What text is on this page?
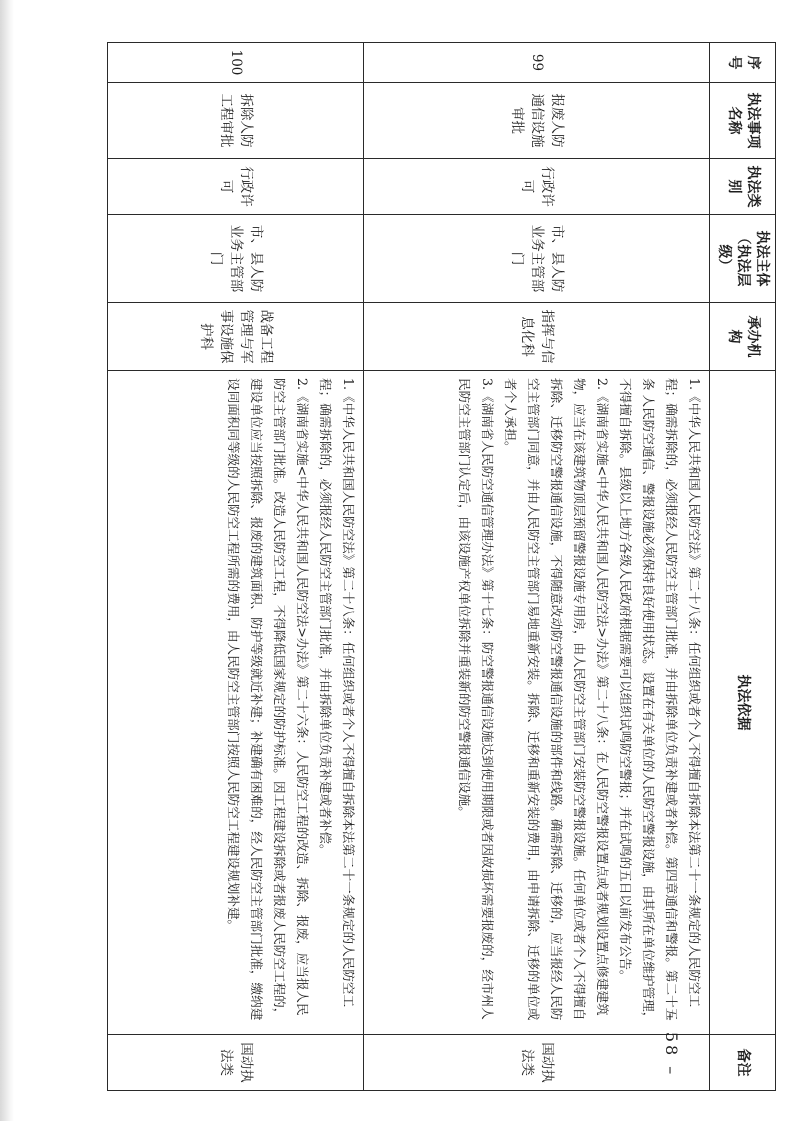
序号	执法事项名称	执法类别	执法主体（执法层级）	承办机构	执法依据	备注
99	报废人防通信设施审批	行政许可	市、县人防业务主管部门	指挥与信息化科	1.《中华人民共和国人民防空法》第二十八条：任何组织或者个人不得擅自拆除本法第二十一条规定的人民防空工程；确需拆除的，必须报经人民防空主管部门批准，并由拆除单位负责补建或者补偿。第四章通信和警报。第二十五条 人民防空通信、警报设施必须保持良好使用状态。设置在有关单位的人民防空警报设施，由其所在单位维护管理，不得擅自拆除。县级以上地方各级人民政府根据需要可以组织试鸣防空警报；并在试鸣的五日以前发布公告。

2.《湖南省实施<中华人民共和国人民防空法>办法》第二十八条：在人民防空警报设置点或者规划设置点修建建筑物，应当在该建筑物顶层预留警报设施专用房，由人民防空主管部门安装防空警报设施。任何单位或者个人不得擅自拆除、迁移防空警报通信设施，不得随意改动防空警报通信设施的部件和线路。确需拆除、迁移的，应当报经人民防空主管部门同意，并由人民防空主管部门易地重新安装。拆除、迁移和重新安装的费用，由申请拆除、迁移的单位或者个人承担。

3.《湖南省人民防空通信管理办法》第十七条：防空警报通信设施达到使用期限或者因故损坏需要报废的，经市州人民防空主管部门认定后，由该设施产权单位拆除并重装新的防空警报通信设施。	国动执法类
100	拆除人防工程审批	行政许可	市、县人防业务主管部门	战备工程管理与军事设施保护科	1.《中华人民共和国人民防空法》第二十八条：任何组织或者个人不得擅自拆除本法第二十一条规定的人民防空工程；确需拆除的，必须报经人民防空主管部门批准，并由拆除单位负责补建或者补偿。

2.《湖南省实施<中华人民共和国人民防空法>办法》第二十六条：人民防空工程的改造、拆除、报废，应当报人民防空主管部门批准。改造人民防空工程，不得降低国家规定的防护标准。因工程建设拆除或者报废人民防空工程的，建设单位应当按照拆除、报废的建筑面积、防护等级就近补建；补建确有困难的，经人民防空主管部门批准，缴纳建设同面积同等级的人民防空工程所需的费用，由人民防空主管部门按照人民防空工程建设规划补建。	国动执法类	– 58 –
